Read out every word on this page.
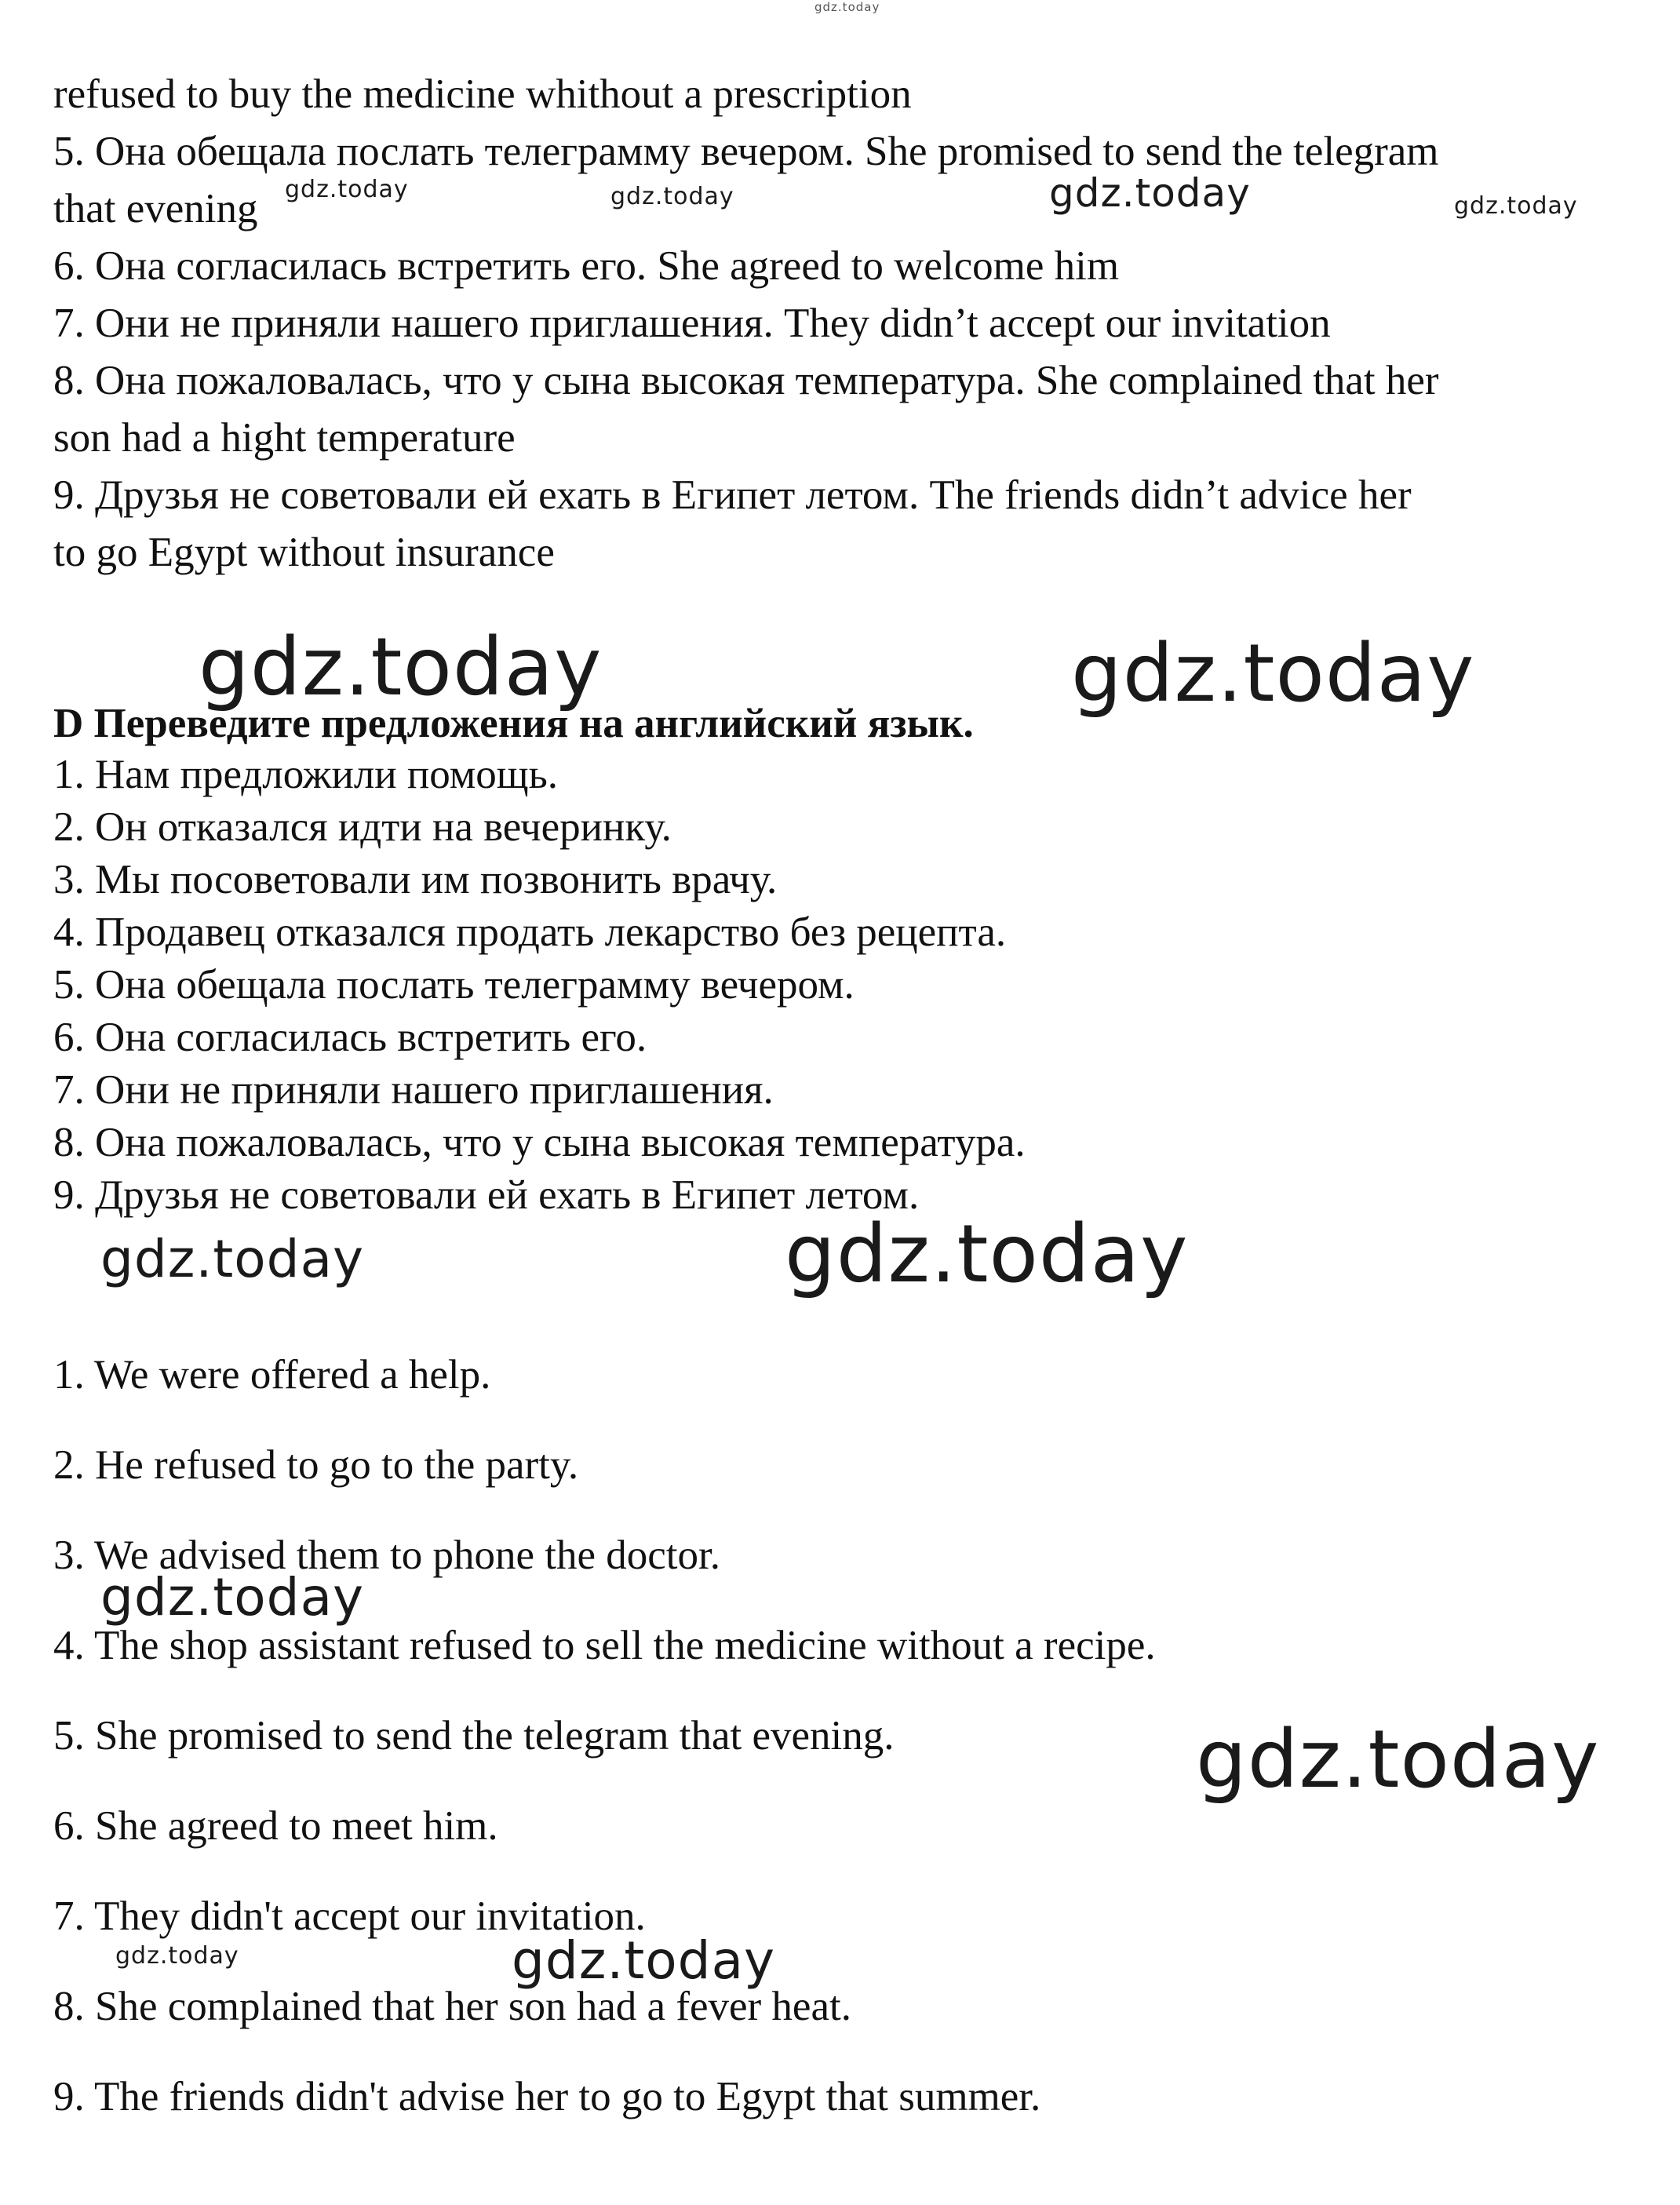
refused to buy the medicine whithout a prescription
5. Она обещала послать телеграмму вечером. She promised to send the telegram
that evening
6. Она согласилась встретить его. She agreed to welcome him
7. Они не приняли нашего приглашения. They didn’t accept our invitation
8. Она пожаловалась, что у сына высокая температура. She complained that her
son had a hight temperature
9. Друзья не советовали ей ехать в Египет летом. The friends didn’t advice her
to go Egypt without insurance
D Переведите предложения на английский язык.
1. Нам предложили помощь.
2. Он отказался идти на вечеринку.
3. Мы посоветовали им позвонить врачу.
4. Продавец отказался продать лекарство без рецепта.
5. Она обещала послать телеграмму вечером.
6. Она согласилась встретить его.
7. Они не приняли нашего приглашения.
8. Она пожаловалась, что у сына высокая температура.
9. Друзья не советовали ей ехать в Египет летом.
1. We were offered a help.
2. He refused to go to the party.
3. We advised them to phone the doctor.
4. The shop assistant refused to sell the medicine without a recipe.
5. She promised to send the telegram that evening.
6. She agreed to meet him.
7. They didn't accept our invitation.
8. She complained that her son had a fever heat.
9. The friends didn't advise her to go to Egypt that summer.
gdz.today
gdz.today	gdz.today	gdz.today	gdz.today
gdz.today	gdz.today
gdz.today	gdz.today
gdz.today
gdz.today
gdz.today	gdz.today
